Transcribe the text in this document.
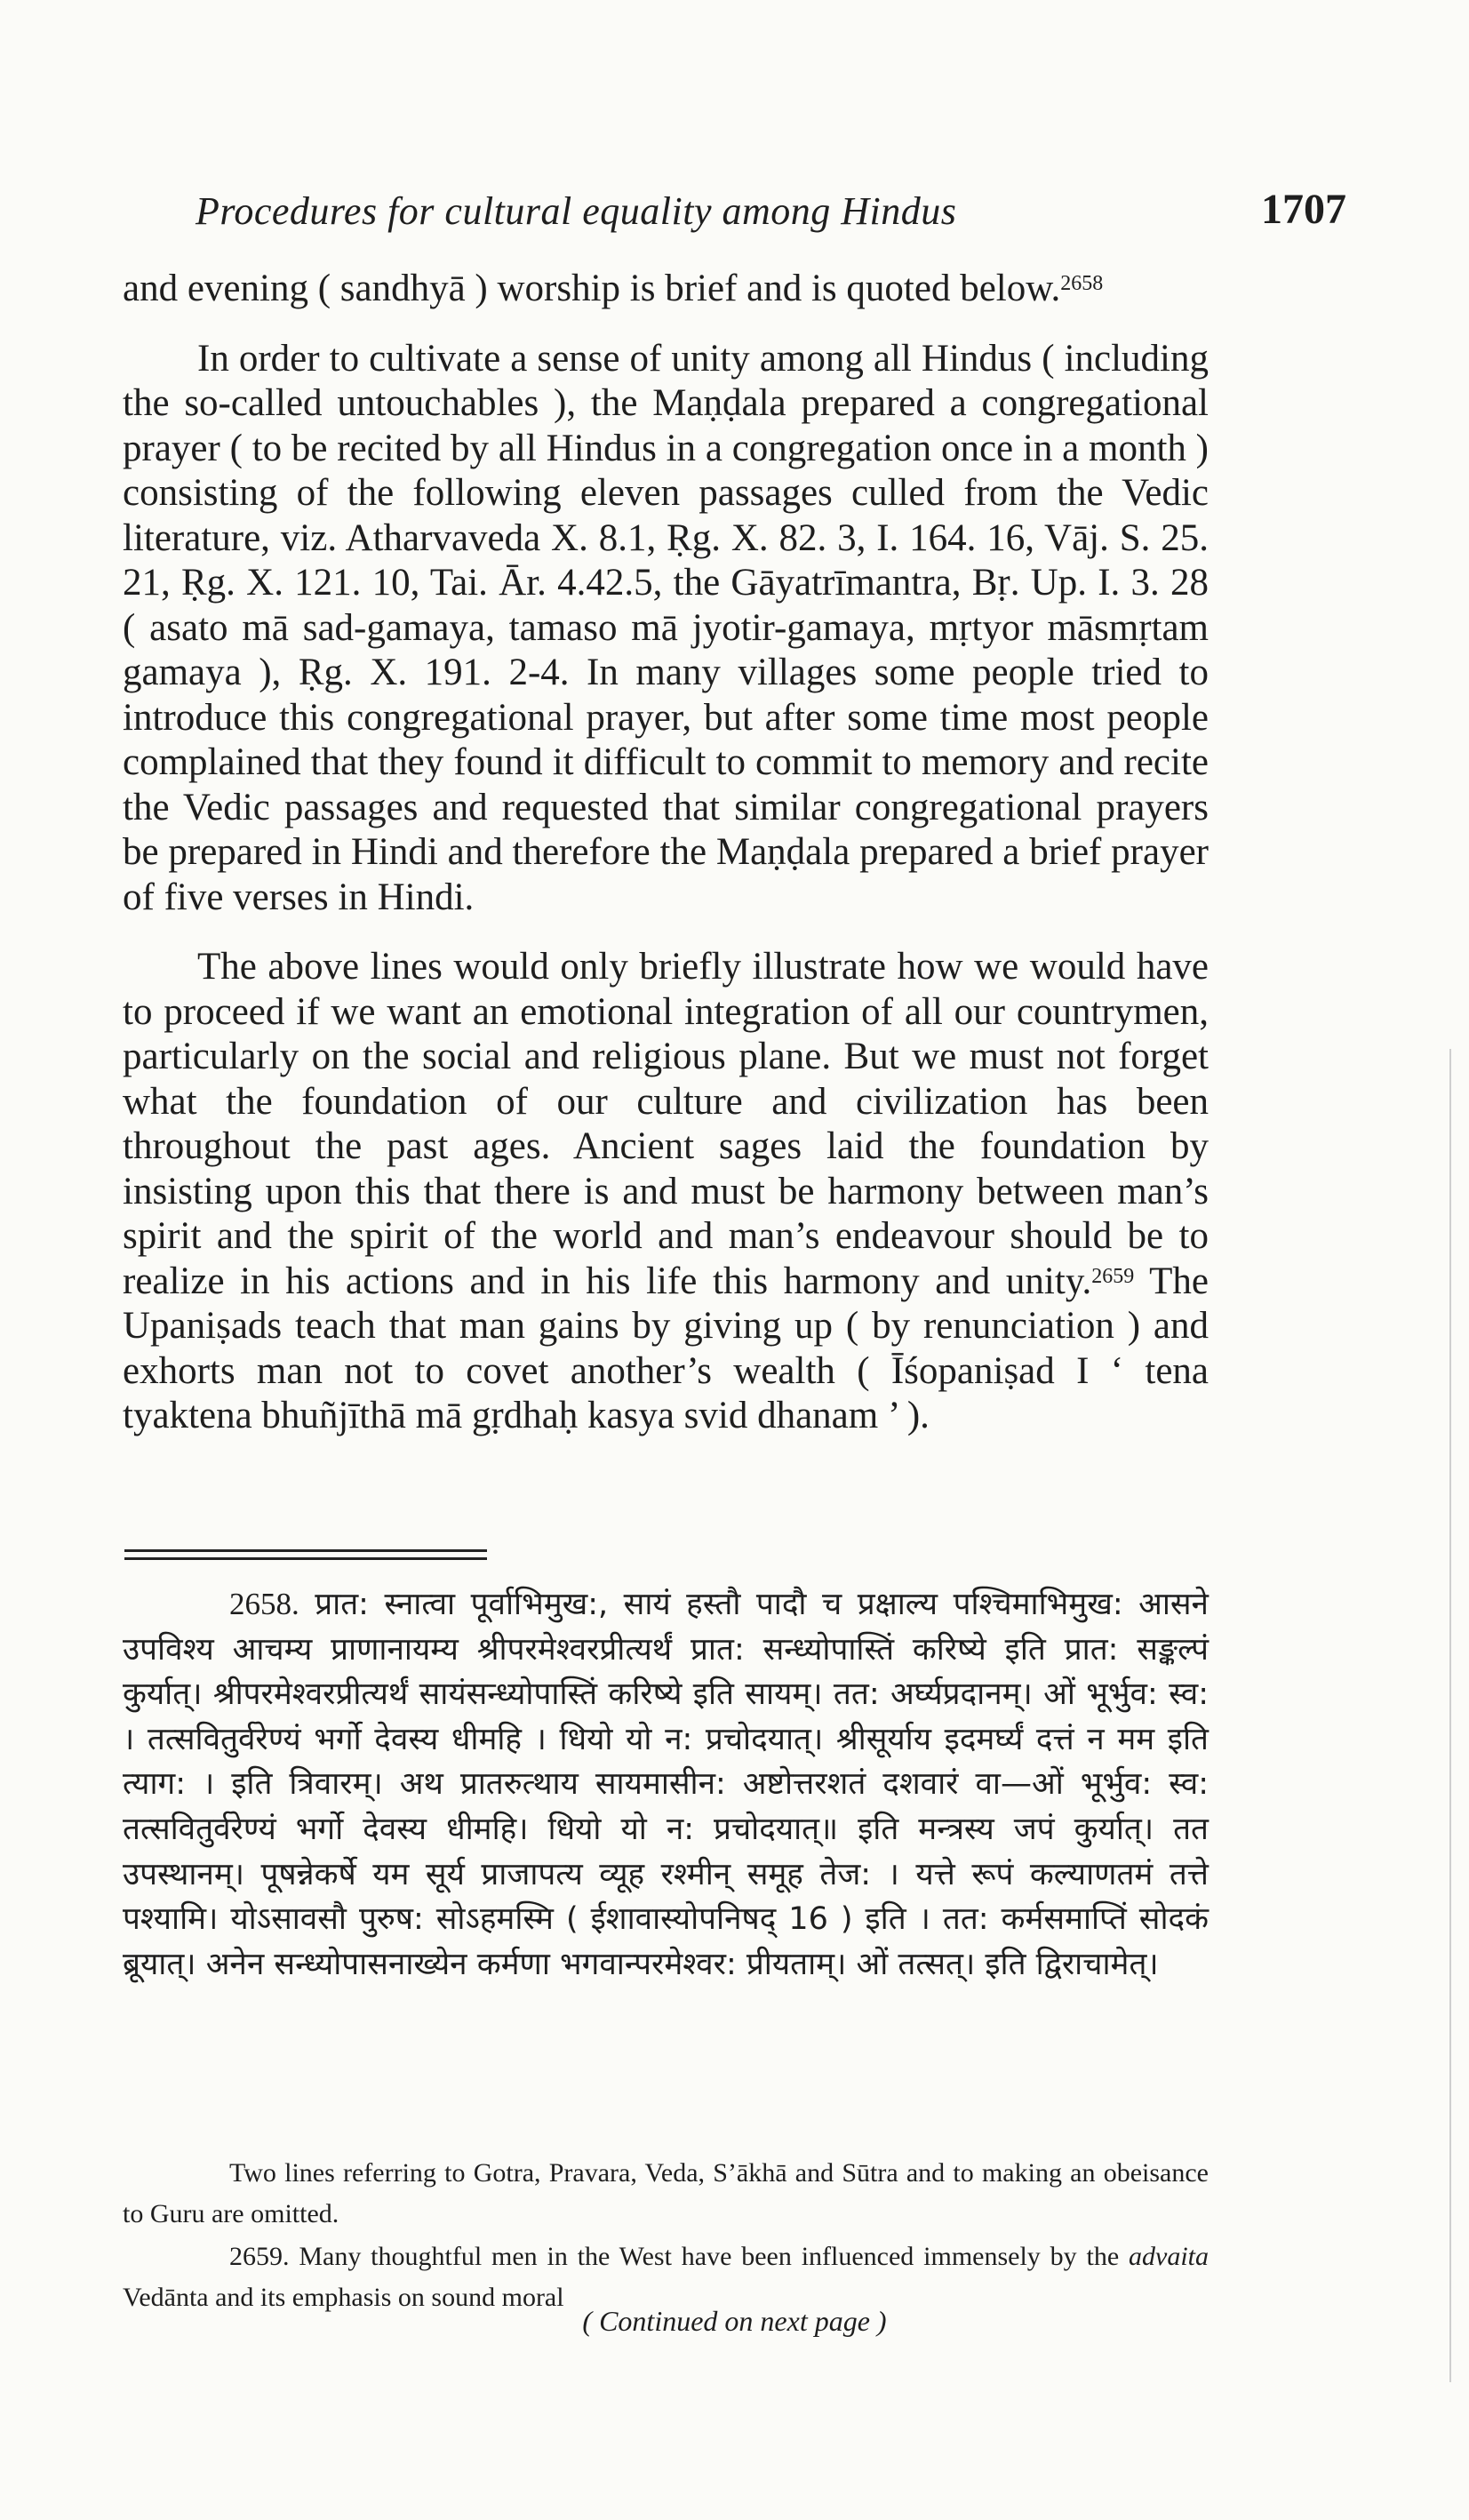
Procedures for cultural equality among Hindus	1707

and evening ( sandhyā ) worship is brief and is quoted below.$^{2658}$

In order to cultivate a sense of unity among all Hindus ( including the so-called untouchables ), the Maṇḍala prepared a congregational prayer ( to be recited by all Hindus in a congregation once in a month ) consisting of the following eleven passages culled from the Vedic literature, viz. Atharvaveda X. 8.1, Ṛg. X. 82. 3, I. 164. 16, Vāj. S. 25. 21, Ṛg. X. 121. 10, Tai. Ār. 4.42.5, the Gāyatrīmantra, Bṛ. Up. I. 3. 28 ( asato mā sad-gamaya, tamaso mā jyotir-gamaya, mṛtyor māsmṛtam gamaya ), Ṛg. X. 191. 2-4. In many villages some people tried to introduce this congregational prayer, but after some time most people complained that they found it difficult to commit to memory and recite the Vedic passages and requested that similar congregational prayers be prepared in Hindi and therefore the Maṇḍala prepared a brief prayer of five verses in Hindi.

The above lines would only briefly illustrate how we would have to proceed if we want an emotional integration of all our countrymen, particularly on the social and religious plane. But we must not forget what the foundation of our culture and civilization has been throughout the past ages. Ancient sages laid the foundation by insisting upon this that there is and must be harmony between man’s spirit and the spirit of the world and man’s endeavour should be to realize in his actions and in his life this harmony and unity.$^{2659}$ The Upaniṣads teach that man gains by giving up ( by renunciation ) and exhorts man not to covet another’s wealth ( Īśopaniṣad I ‘ tena tyaktena bhuñjīthā mā gṛdhaḥ kasya svid dhanam ’ ).

2658. प्रात: स्नात्वा पूर्वाभिमुख:, सायं हस्तौ पादौ च प्रक्षाल्य पश्चिमाभिमुख: आसने उपविश्य आचम्य प्राणानायम्य श्रीपरमेश्वरप्रीत्यर्थं प्रात: सन्ध्योपास्तिं करिष्ये इति प्रात: सङ्कल्पं कुर्यात्। श्रीपरमेश्वरप्रीत्यर्थं सायंसन्ध्योपास्तिं करिष्ये इति सायम्। तत: अर्घ्यप्रदानम्। ओं भूर्भुव: स्व: । तत्सवितुर्वरेण्यं भर्गो देवस्य धीमहि । धियो यो न: प्रचोदयात्। श्रीसूर्याय इदमर्घ्यं दत्तं न मम इति त्याग: । इति त्रिवारम्। अथ प्रातरुत्थाय सायमासीन: अष्टोत्तरशतं दशवारं वा—ओं भूर्भुव: स्व: तत्सवितुर्वरेण्यं भर्गो देवस्य धीमहि। धियो यो न: प्रचोदयात्॥ इति मन्त्रस्य जपं कुर्यात्। तत उपस्थानम्। पूषन्नेकर्षे यम सूर्य प्राजापत्य व्यूह रश्मीन् समूह तेज: । यत्ते रूपं कल्याणतमं तत्ते पश्यामि। योऽसावसौ पुरुष: सोऽहमस्मि ( ईशावास्योपनिषद् 16 ) इति । तत: कर्मसमाप्तिं सोदकं ब्रूयात्। अनेन सन्ध्योपासनाख्येन कर्मणा भगवान्परमेश्वर: प्रीयताम्। ओं तत्सत्। इति द्विराचामेत्।

Two lines referring to Gotra, Pravara, Veda, S’ākhā and Sūtra and to making an obeisance to Guru are omitted.

2659. Many thoughtful men in the West have been influenced immensely by the advaita Vedānta and its emphasis on sound moral

( Continued on next page )
